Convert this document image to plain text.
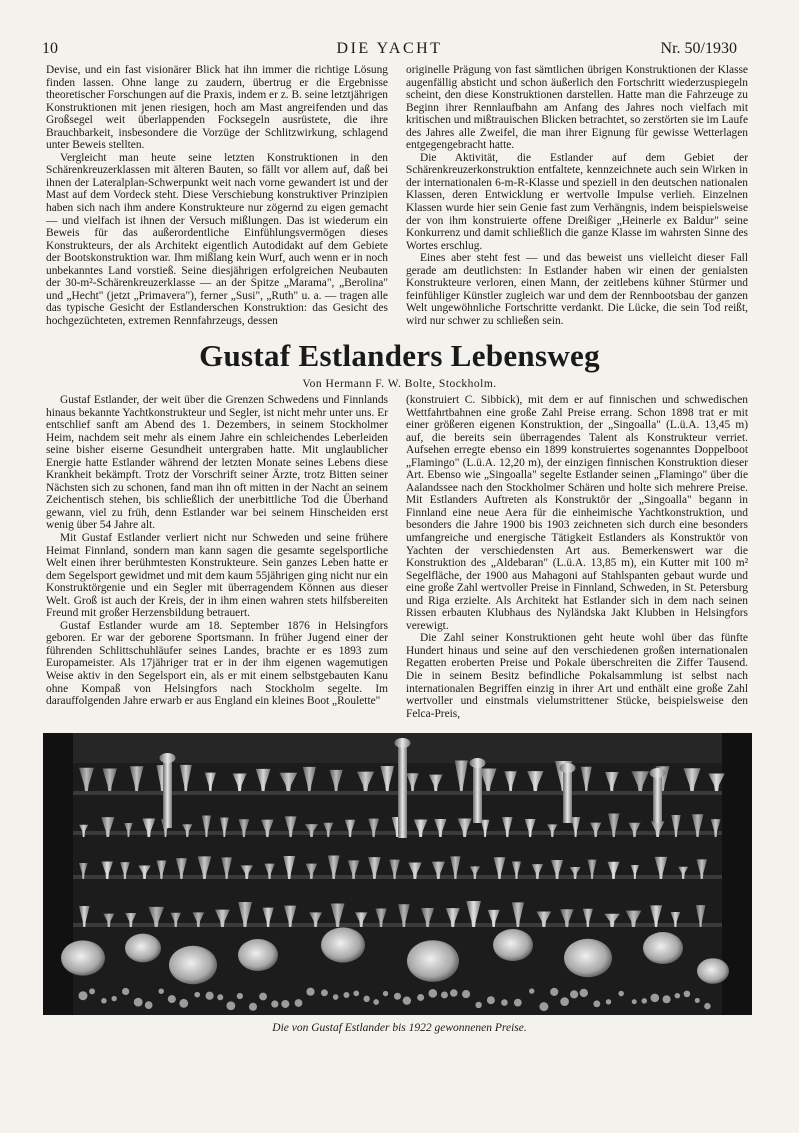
10	DIE YACHT	Nr. 50/1930

Devise, und ein fast visionärer Blick hat ihn immer die richtige Lösung finden lassen. Ohne lange zu zaudern, übertrug er die Ergebnisse theoretischer Forschungen auf die Praxis, indem er z. B. seine letztjährigen Konstruktionen mit jenen riesigen, hoch am Mast angreifenden und das Großsegel weit überlappenden Focksegeln ausrüstete, die ihre Brauchbarkeit, insbesondere die Vorzüge der Schlitzwirkung, schlagend unter Beweis stellten.

Vergleicht man heute seine letzten Konstruktionen in den Schärenkreuzerklassen mit älteren Bauten, so fällt vor allem auf, daß bei ihnen der Lateralplan-Schwerpunkt weit nach vorne gewandert ist und der Mast auf dem Vordeck steht. Diese Verschiebung konstruktiver Prinzipien haben sich nach ihm andere Konstrukteure nur zögernd zu eigen gemacht — und vielfach ist ihnen der Versuch mißlungen. Das ist wiederum ein Beweis für das außerordentliche Einfühlungsvermögen dieses Konstrukteurs, der als Architekt eigentlich Autodidakt auf dem Gebiete der Bootskonstruktion war. Ihm mißlang kein Wurf, auch wenn er in noch unbekanntes Land vorstieß. Seine diesjährigen erfolgreichen Neubauten der 30-m²-Schärenkreuzerklasse — an der Spitze „Marama", „Berolina" und „Hecht" (jetzt „Primavera"), ferner „Susi", „Ruth" u. a. — tragen alle das typische Gesicht der Estlanderschen Konstruktion: das Gesicht des hochgezüchteten, extremen Rennfahrzeugs, dessen

originelle Prägung von fast sämtlichen übrigen Konstruktionen der Klasse augenfällig absticht und schon äußerlich den Fortschritt wiederzuspiegeln scheint, den diese Konstruktionen darstellen. Hatte man die Fahrzeuge zu Beginn ihrer Rennlaufbahn am Anfang des Jahres noch vielfach mit kritischen und mißtrauischen Blicken betrachtet, so zerstörten sie im Laufe des Jahres alle Zweifel, die man ihrer Eignung für gewisse Wetterlagen entgegengebracht hatte.

Die Aktivität, die Estlander auf dem Gebiet der Schärenkreuzerkonstruktion entfaltete, kennzeichnete auch sein Wirken in der internationalen 6-m-R-Klasse und speziell in den deutschen nationalen Klassen, deren Entwicklung er wertvolle Impulse verlieh. Einzelnen Klassen wurde hier sein Genie fast zum Verhängnis, indem beispielsweise der von ihm konstruierte offene Dreißiger „Heinerle ex Baldur" seine Konkurrenz und damit schließlich die ganze Klasse im wahrsten Sinne des Wortes erschlug.

Eines aber steht fest — und das beweist uns vielleicht dieser Fall gerade am deutlichsten: In Estlander haben wir einen der genialsten Konstrukteure verloren, einen Mann, der zeitlebens kühner Stürmer und feinfühliger Künstler zugleich war und dem der Rennbootsbau der ganzen Welt ungewöhnliche Fortschritte verdankt. Die Lücke, die sein Tod reißt, wird nur schwer zu schließen sein.

Gustaf Estlanders Lebensweg
Von Hermann F. W. Bolte, Stockholm.

Gustaf Estlander, der weit über die Grenzen Schwedens und Finnlands hinaus bekannte Yachtkonstrukteur und Segler, ist nicht mehr unter uns. Er entschlief sanft am Abend des 1. Dezembers, in seinem Stockholmer Heim, nachdem seit mehr als einem Jahre ein schleichendes Leberleiden seine bisher eiserne Gesundheit untergraben hatte. Mit unglaublicher Energie hatte Estlander während der letzten Monate seines Lebens diese Krankheit bekämpft. Trotz der Vorschrift seiner Ärzte, trotz Bitten seiner Nächsten sich zu schonen, fand man ihn oft mitten in der Nacht an seinem Zeichentisch stehen, bis schließlich der unerbittliche Tod die Überhand gewann, viel zu früh, denn Estlander war bei seinem Hinscheiden erst wenig über 54 Jahre alt.

Mit Gustaf Estlander verliert nicht nur Schweden und seine frühere Heimat Finnland, sondern man kann sagen die gesamte segelsportliche Welt einen ihrer berühmtesten Konstrukteure. Sein ganzes Leben hatte er dem Segelsport gewidmet und mit dem kaum 55jährigen ging nicht nur ein Konstruktörgenie und ein Segler mit überragendem Können aus dieser Welt. Groß ist auch der Kreis, der in ihm einen wahren stets hilfsbereiten Freund mit großer Herzensbildung betrauert.

Gustaf Estlander wurde am 18. September 1876 in Helsingfors geboren. Er war der geborene Sportsmann. In früher Jugend einer der führenden Schlittschuhläufer seines Landes, brachte er es 1893 zum Europameister. Als 17jähriger trat er in der ihm eigenen wagemutigen Weise aktiv in den Segelsport ein, als er mit einem selbstgebauten Kanu ohne Kompaß von Helsingfors nach Stockholm segelte. Im darauffolgenden Jahre erwarb er aus England ein kleines Boot „Roulette"

(konstruiert C. Sibbick), mit dem er auf finnischen und schwedischen Wettfahrtbahnen eine große Zahl Preise errang. Schon 1898 trat er mit einer größeren eigenen Konstruktion, der „Singoalla" (L.ü.A. 13,45 m) auf, die bereits sein überragendes Talent als Konstrukteur verriet. Aufsehen erregte ebenso ein 1899 konstruiertes sogenanntes Doppelboot „Flamingo" (L.ü.A. 12,20 m), der einzigen finnischen Konstruktion dieser Art. Ebenso wie „Singoalla" segelte Estlander seinen „Flamingo" über die Aalandssee nach den Stockholmer Schären und holte sich mehrere Preise. Mit Estlanders Auftreten als Konstruktör der „Singoalla" begann in Finnland eine neue Aera für die einheimische Yachtkonstruktion, und besonders die Jahre 1900 bis 1903 zeichneten sich durch eine besonders umfangreiche und energische Tätigkeit Estlanders als Konstruktör von Yachten der verschiedensten Art aus. Bemerkenswert war die Konstruktion des „Aldebaran" (L.ü.A. 13,85 m), ein Kutter mit 100 m² Segelfläche, der 1900 aus Mahagoni auf Stahlspanten gebaut wurde und eine große Zahl wertvoller Preise in Finnland, Schweden, in St. Petersburg und Riga erzielte. Als Architekt hat Estlander sich in dem nach seinen Rissen erbauten Klubhaus des Nyländska Jakt Klubben in Helsingfors verewigt.

Die Zahl seiner Konstruktionen geht heute wohl über das fünfte Hundert hinaus und seine auf den verschiedenen großen internationalen Regatten eroberten Preise und Pokale überschreiten die Ziffer Tausend. Die in seinem Besitz befindliche Pokalsammlung ist selbst nach internationalen Begriffen einzig in ihrer Art und enthält eine große Zahl wertvoller und einstmals vielumstrittener Stücke, beispielsweise den Felca-Preis,

Die von Gustaf Estlander bis 1922 gewonnenen Preise.
